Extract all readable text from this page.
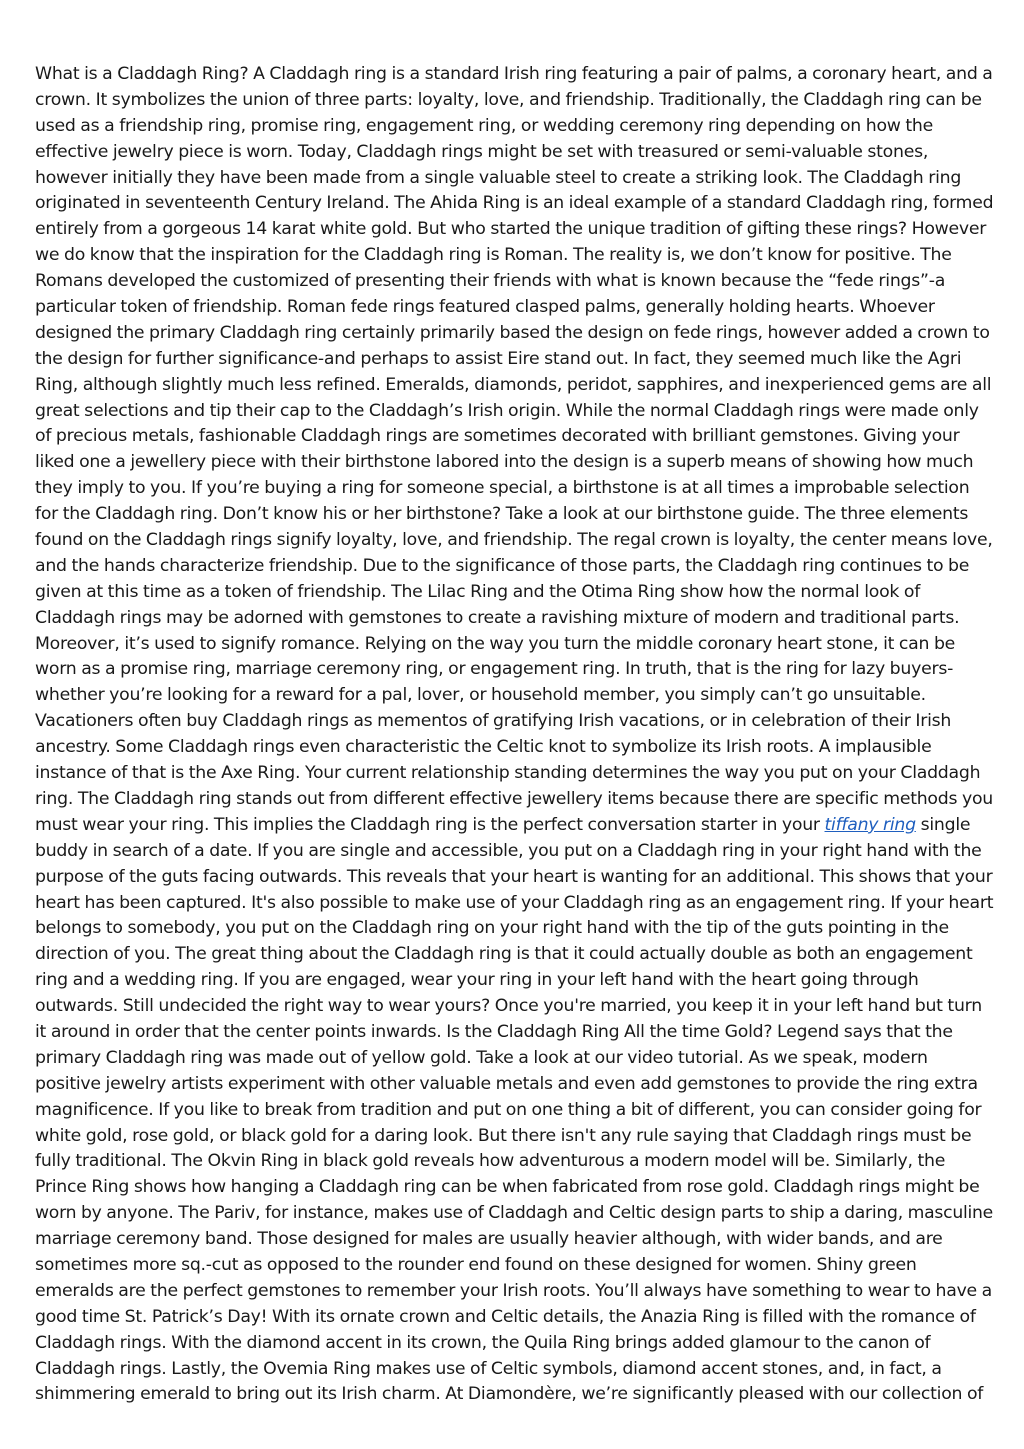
What is a Claddagh Ring? A Claddagh ring is a standard Irish ring featuring a pair of palms, a coronary heart, and a
crown. It symbolizes the union of three parts: loyalty, love, and friendship. Traditionally, the Claddagh ring can be
used as a friendship ring, promise ring, engagement ring, or wedding ceremony ring depending on how the
effective jewelry piece is worn. Today, Claddagh rings might be set with treasured or semi-valuable stones,
however initially they have been made from a single valuable steel to create a striking look. The Claddagh ring
originated in seventeenth Century Ireland. The Ahida Ring is an ideal example of a standard Claddagh ring, formed
entirely from a gorgeous 14 karat white gold. But who started the unique tradition of gifting these rings? However
we do know that the inspiration for the Claddagh ring is Roman. The reality is, we don’t know for positive. The
Romans developed the customized of presenting their friends with what is known because the “fede rings”-a
particular token of friendship. Roman fede rings featured clasped palms, generally holding hearts. Whoever
designed the primary Claddagh ring certainly primarily based the design on fede rings, however added a crown to
the design for further significance-and perhaps to assist Eire stand out. In fact, they seemed much like the Agri
Ring, although slightly much less refined. Emeralds, diamonds, peridot, sapphires, and inexperienced gems are all
great selections and tip their cap to the Claddagh’s Irish origin. While the normal Claddagh rings were made only
of precious metals, fashionable Claddagh rings are sometimes decorated with brilliant gemstones. Giving your
liked one a jewellery piece with their birthstone labored into the design is a superb means of showing how much
they imply to you. If you’re buying a ring for someone special, a birthstone is at all times a improbable selection
for the Claddagh ring. Don’t know his or her birthstone? Take a look at our birthstone guide. The three elements
found on the Claddagh rings signify loyalty, love, and friendship. The regal crown is loyalty, the center means love,
and the hands characterize friendship. Due to the significance of those parts, the Claddagh ring continues to be
given at this time as a token of friendship. The Lilac Ring and the Otima Ring show how the normal look of
Claddagh rings may be adorned with gemstones to create a ravishing mixture of modern and traditional parts.
Moreover, it’s used to signify romance. Relying on the way you turn the middle coronary heart stone, it can be
worn as a promise ring, marriage ceremony ring, or engagement ring. In truth, that is the ring for lazy buyers-
whether you’re looking for a reward for a pal, lover, or household member, you simply can’t go unsuitable.
Vacationers often buy Claddagh rings as mementos of gratifying Irish vacations, or in celebration of their Irish
ancestry. Some Claddagh rings even characteristic the Celtic knot to symbolize its Irish roots. A implausible
instance of that is the Axe Ring. Your current relationship standing determines the way you put on your Claddagh
ring. The Claddagh ring stands out from different effective jewellery items because there are specific methods you
must wear your ring. This implies the Claddagh ring is the perfect conversation starter in your tiffany ring single
buddy in search of a date. If you are single and accessible, you put on a Claddagh ring in your right hand with the
purpose of the guts facing outwards. This reveals that your heart is wanting for an additional. This shows that your
heart has been captured. It's also possible to make use of your Claddagh ring as an engagement ring. If your heart
belongs to somebody, you put on the Claddagh ring on your right hand with the tip of the guts pointing in the
direction of you. The great thing about the Claddagh ring is that it could actually double as both an engagement
ring and a wedding ring. If you are engaged, wear your ring in your left hand with the heart going through
outwards. Still undecided the right way to wear yours? Once you're married, you keep it in your left hand but turn
it around in order that the center points inwards. Is the Claddagh Ring All the time Gold? Legend says that the
primary Claddagh ring was made out of yellow gold. Take a look at our video tutorial. As we speak, modern
positive jewelry artists experiment with other valuable metals and even add gemstones to provide the ring extra
magnificence. If you like to break from tradition and put on one thing a bit of different, you can consider going for
white gold, rose gold, or black gold for a daring look. But there isn't any rule saying that Claddagh rings must be
fully traditional. The Okvin Ring in black gold reveals how adventurous a modern model will be. Similarly, the
Prince Ring shows how hanging a Claddagh ring can be when fabricated from rose gold. Claddagh rings might be
worn by anyone. The Pariv, for instance, makes use of Claddagh and Celtic design parts to ship a daring, masculine
marriage ceremony band. Those designed for males are usually heavier although, with wider bands, and are
sometimes more sq.-cut as opposed to the rounder end found on these designed for women. Shiny green
emeralds are the perfect gemstones to remember your Irish roots. You’ll always have something to wear to have a
good time St. Patrick’s Day! With its ornate crown and Celtic details, the Anazia Ring is filled with the romance of
Claddagh rings. With the diamond accent in its crown, the Quila Ring brings added glamour to the canon of
Claddagh rings. Lastly, the Ovemia Ring makes use of Celtic symbols, diamond accent stones, and, in fact, a
shimmering emerald to bring out its Irish charm. At Diamondère, we’re significantly pleased with our collection of
